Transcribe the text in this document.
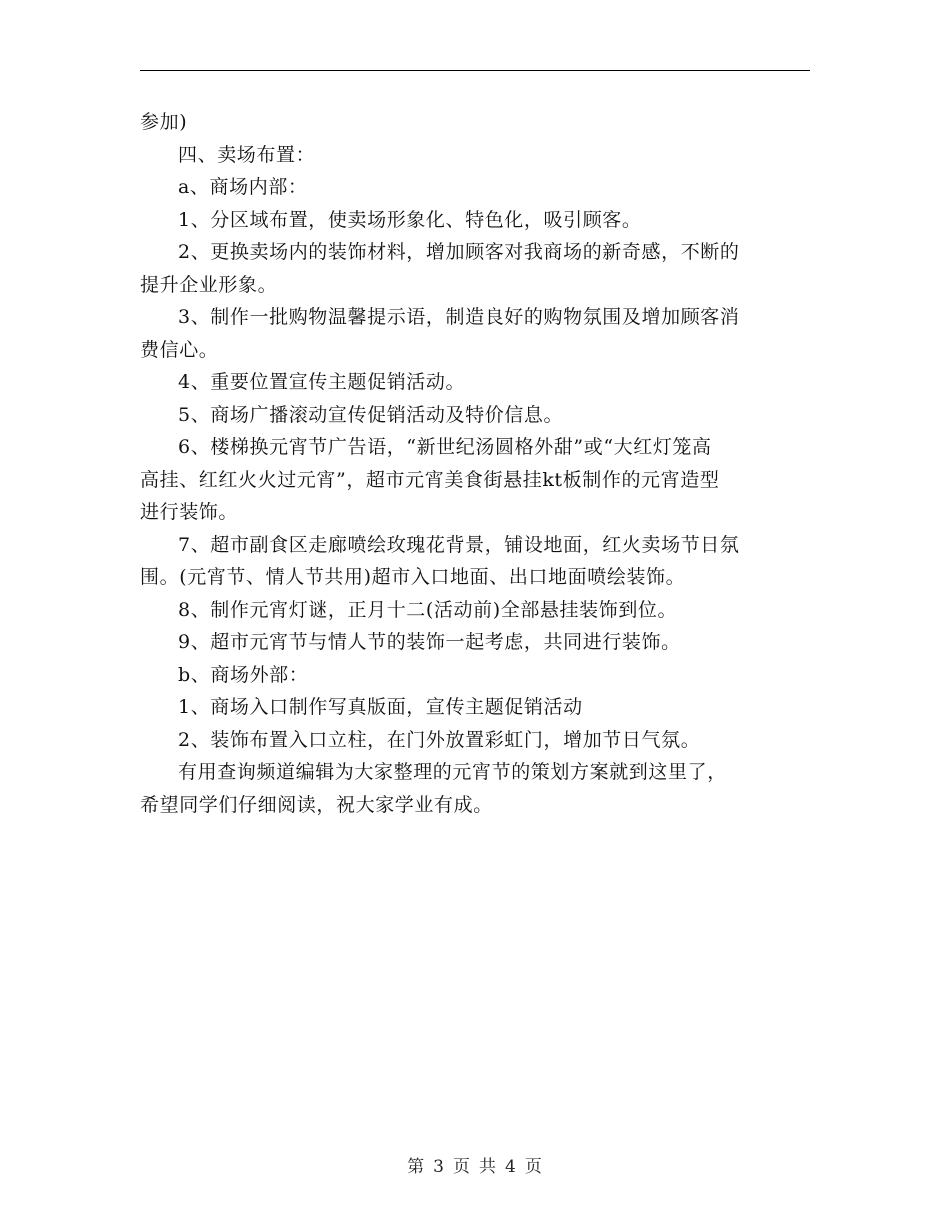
参加)
四、卖场布置：
a、商场内部：
1、分区域布置，使卖场形象化、特色化，吸引顾客。
2、更换卖场内的装饰材料，增加顾客对我商场的新奇感，不断的
提升企业形象。
3、制作一批购物温馨提示语，制造良好的购物氛围及增加顾客消
费信心。
4、重要位置宣传主题促销活动。
5、商场广播滚动宣传促销活动及特价信息。
6、楼梯换元宵节广告语，“新世纪汤圆格外甜”或“大红灯笼高
高挂、红红火火过元宵”，超市元宵美食街悬挂kt板制作的元宵造型
进行装饰。
7、超市副食区走廊喷绘玫瑰花背景，铺设地面，红火卖场节日氛
围。(元宵节、情人节共用)超市入口地面、出口地面喷绘装饰。
8、制作元宵灯谜，正月十二(活动前)全部悬挂装饰到位。
9、超市元宵节与情人节的装饰一起考虑，共同进行装饰。
b、商场外部：
1、商场入口制作写真版面，宣传主题促销活动
2、装饰布置入口立柱，在门外放置彩虹门，增加节日气氛。
有用查询频道编辑为大家整理的元宵节的策划方案就到这里了，
希望同学们仔细阅读，祝大家学业有成。
第 3 页 共 4 页
